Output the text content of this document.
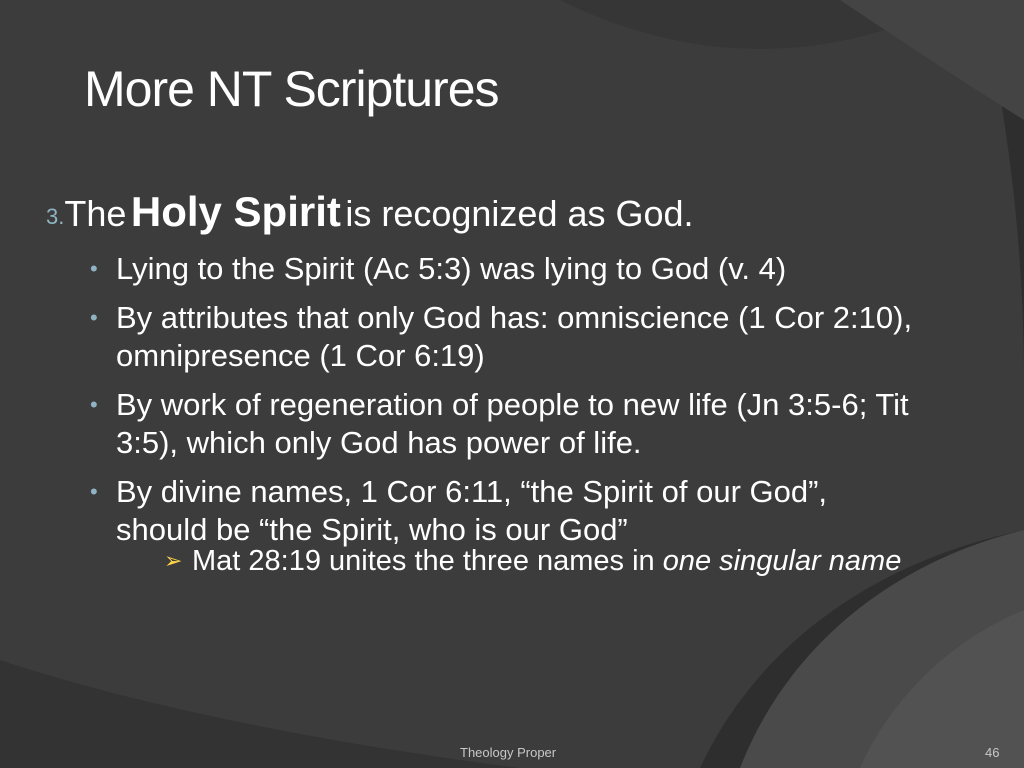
More NT Scriptures
3.The Holy Spirit is recognized as God.
• Lying to the Spirit (Ac 5:3) was lying to God (v. 4)
• By attributes that only God has: omniscience (1 Cor 2:10), omnipresence (1 Cor 6:19)
• By work of regeneration of people to new life (Jn 3:5-6; Tit 3:5), which only God has power of life.
• By divine names, 1 Cor 6:11, “the Spirit of our God”, should be “the Spirit, who is our God”
➢ Mat 28:19 unites the three names in one singular name
Theology Proper	46
